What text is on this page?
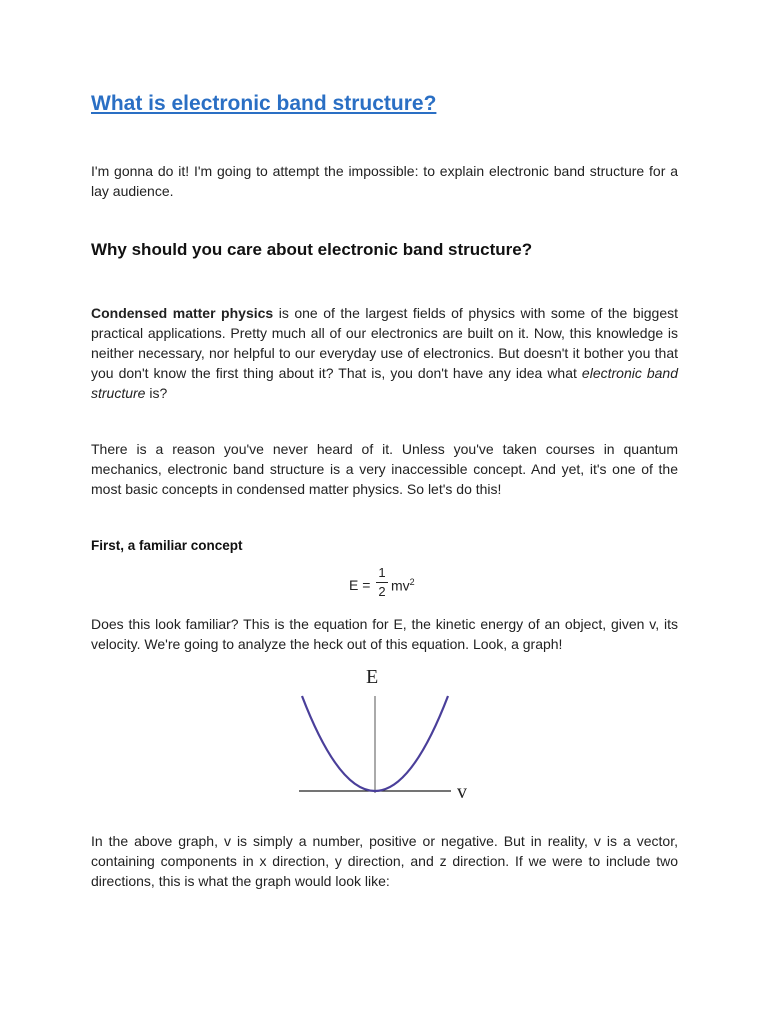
What is electronic band structure?

I'm gonna do it! I'm going to attempt the impossible: to explain electronic band structure for a lay audience.

Why should you care about electronic band structure?

Condensed matter physics is one of the largest fields of physics with some of the biggest practical applications. Pretty much all of our electronics are built on it. Now, this knowledge is neither necessary, nor helpful to our everyday use of electronics. But doesn't it bother you that you don't know the first thing about it? That is, you don't have any idea what electronic band structure is?

There is a reason you've never heard of it. Unless you've taken courses in quantum mechanics, electronic band structure is a very inaccessible concept. And yet, it's one of the most basic concepts in condensed matter physics. So let's do this!

First, a familiar concept
E =
1
2 $mv^2$

Does this look familiar? This is the equation for E, the kinetic energy of an object, given v, its velocity. We're going to analyze the heck out of this equation. Look, a graph!

E
v

In the above graph, v is simply a number, positive or negative. But in reality, v is a vector, containing components in x direction, y direction, and z direction. If we were to include two directions, this is what the graph would look like:
